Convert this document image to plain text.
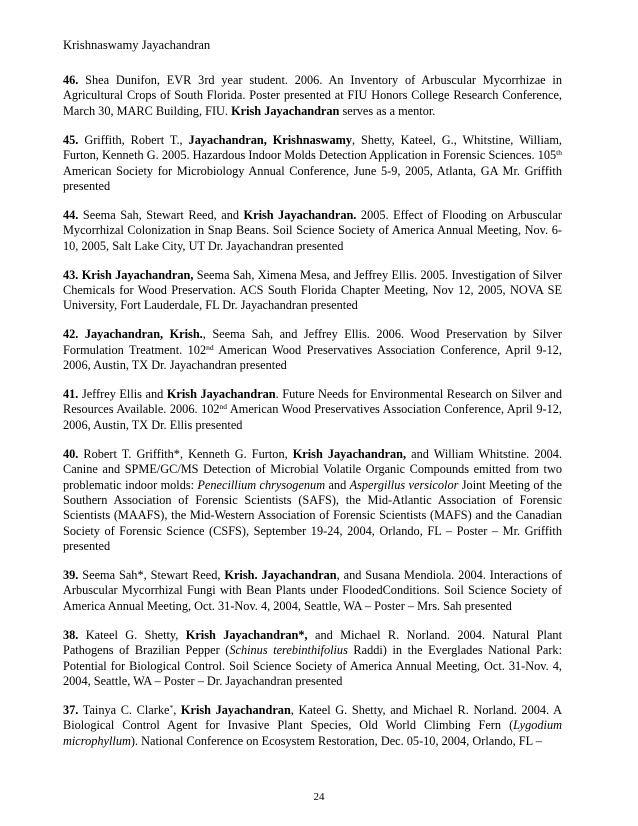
Krishnaswamy Jayachandran

46. Shea Dunifon, EVR 3rd year student. 2006. An Inventory of Arbuscular Mycorrhizae in Agricultural Crops of South Florida. Poster presented at FIU Honors College Research Conference, March 30, MARC Building, FIU. Krish Jayachandran serves as a mentor.

45. Griffith, Robert T., Jayachandran, Krishnaswamy, Shetty, Kateel, G., Whitstine, William, Furton, Kenneth G. 2005. Hazardous Indoor Molds Detection Application in Forensic Sciences. 105th American Society for Microbiology Annual Conference, June 5-9, 2005, Atlanta, GA Mr. Griffith presented

44. Seema Sah, Stewart Reed, and Krish Jayachandran. 2005. Effect of Flooding on Arbuscular Mycorrhizal Colonization in Snap Beans. Soil Science Society of America Annual Meeting, Nov. 6-10, 2005, Salt Lake City, UT Dr. Jayachandran presented

43. Krish Jayachandran, Seema Sah, Ximena Mesa, and Jeffrey Ellis. 2005. Investigation of Silver Chemicals for Wood Preservation. ACS South Florida Chapter Meeting, Nov 12, 2005, NOVA SE University, Fort Lauderdale, FL Dr. Jayachandran presented

42. Jayachandran, Krish., Seema Sah, and Jeffrey Ellis. 2006. Wood Preservation by Silver Formulation Treatment. 102nd American Wood Preservatives Association Conference, April 9-12, 2006, Austin, TX Dr. Jayachandran presented

41. Jeffrey Ellis and Krish Jayachandran. Future Needs for Environmental Research on Silver and Resources Available. 2006. 102nd American Wood Preservatives Association Conference, April 9-12, 2006, Austin, TX Dr. Ellis presented

40. Robert T. Griffith*, Kenneth G. Furton, Krish Jayachandran, and William Whitstine. 2004. Canine and SPME/GC/MS Detection of Microbial Volatile Organic Compounds emitted from two problematic indoor molds: Penecillium chrysogenum and Aspergillus versicolor Joint Meeting of the Southern Association of Forensic Scientists (SAFS), the Mid-Atlantic Association of Forensic Scientists (MAAFS), the Mid-Western Association of Forensic Scientists (MAFS) and the Canadian Society of Forensic Science (CSFS), September 19-24, 2004, Orlando, FL – Poster – Mr. Griffith presented

39. Seema Sah*, Stewart Reed, Krish. Jayachandran, and Susana Mendiola. 2004. Interactions of Arbuscular Mycorrhizal Fungi with Bean Plants under FloodedConditions. Soil Science Society of America Annual Meeting, Oct. 31-Nov. 4, 2004, Seattle, WA – Poster – Mrs. Sah presented

38. Kateel G. Shetty, Krish Jayachandran*, and Michael R. Norland. 2004. Natural Plant Pathogens of Brazilian Pepper (Schinus terebinthifolius Raddi) in the Everglades National Park: Potential for Biological Control. Soil Science Society of America Annual Meeting, Oct. 31-Nov. 4, 2004, Seattle, WA – Poster – Dr. Jayachandran presented

37. Tainya C. Clarke*, Krish Jayachandran, Kateel G. Shetty, and Michael R. Norland. 2004. A Biological Control Agent for Invasive Plant Species, Old World Climbing Fern (Lygodium microphyllum). National Conference on Ecosystem Restoration, Dec. 05-10, 2004, Orlando, FL –

24
